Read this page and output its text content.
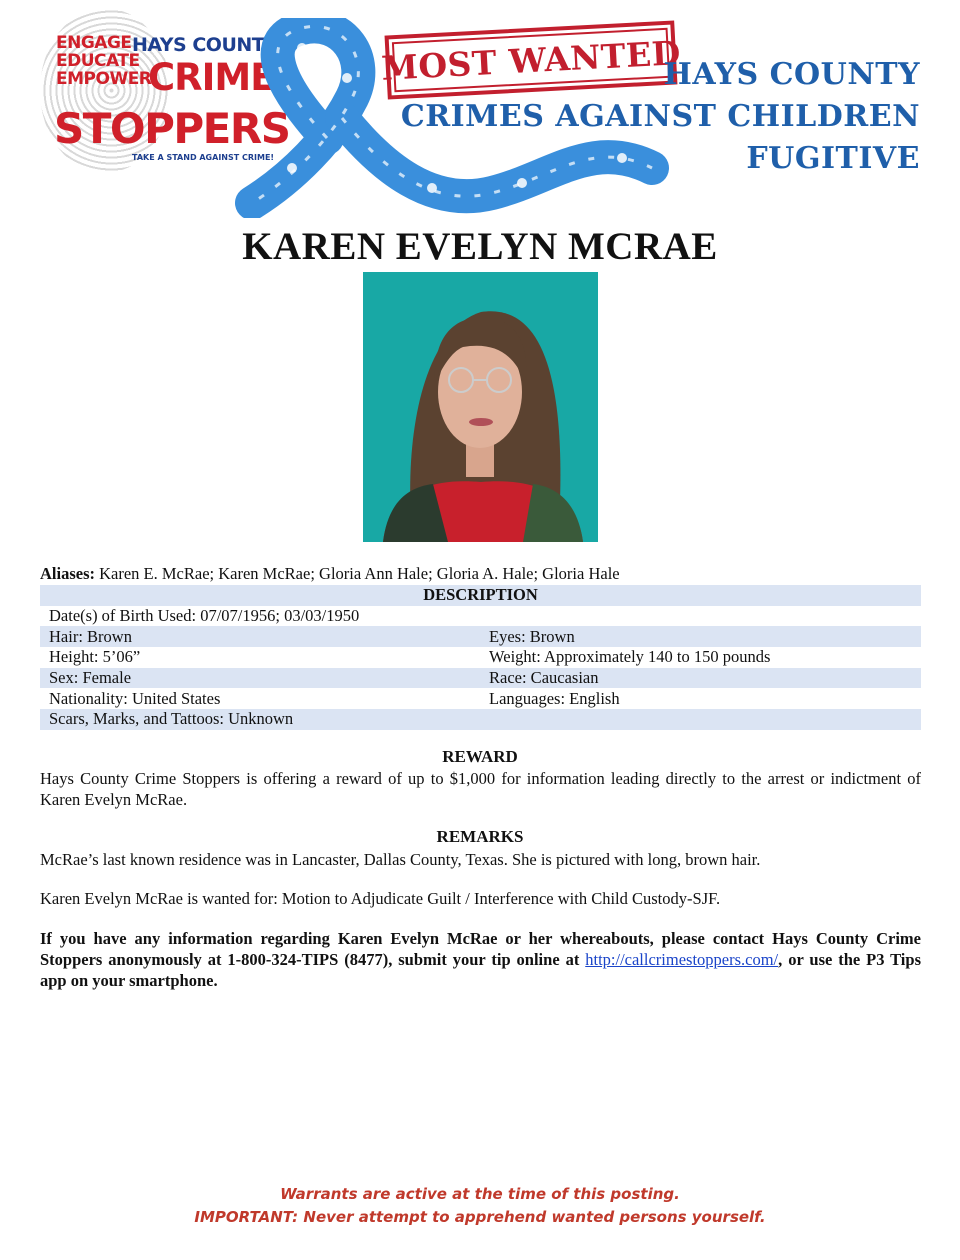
ENGAGE
EDUCATE
EMPOWER
HAYS COUNTY
CRIME
STOPPERS
TAKE A STAND AGAINST CRIME!
MOST WANTED
HAYS COUNTY
CRIMES AGAINST CHILDREN
FUGITIVE
KAREN EVELYN MCRAE
Aliases: Karen E. McRae; Karen McRae; Gloria Ann Hale; Gloria A. Hale; Gloria Hale
DESCRIPTION
Date(s) of Birth Used: 07/07/1956; 03/03/1950
Hair: Brown	Eyes: Brown
Height: 5’06”	Weight: Approximately 140 to 150 pounds
Sex: Female	Race: Caucasian
Nationality: United States	Languages: English
Scars, Marks, and Tattoos: Unknown
REWARD
Hays County Crime Stoppers is offering a reward of up to $1,000 for information leading directly to the arrest or indictment of Karen Evelyn McRae.
REMARKS
McRae’s last known residence was in Lancaster, Dallas County, Texas. She is pictured with long, brown hair.
Karen Evelyn McRae is wanted for: Motion to Adjudicate Guilt / Interference with Child Custody-SJF.
If you have any information regarding Karen Evelyn McRae or her whereabouts, please contact Hays County Crime Stoppers anonymously at 1-800-324-TIPS (8477), submit your tip online at http://callcrimestoppers.com/, or use the P3 Tips app on your smartphone.
Warrants are active at the time of this posting.
IMPORTANT: Never attempt to apprehend wanted persons yourself.
